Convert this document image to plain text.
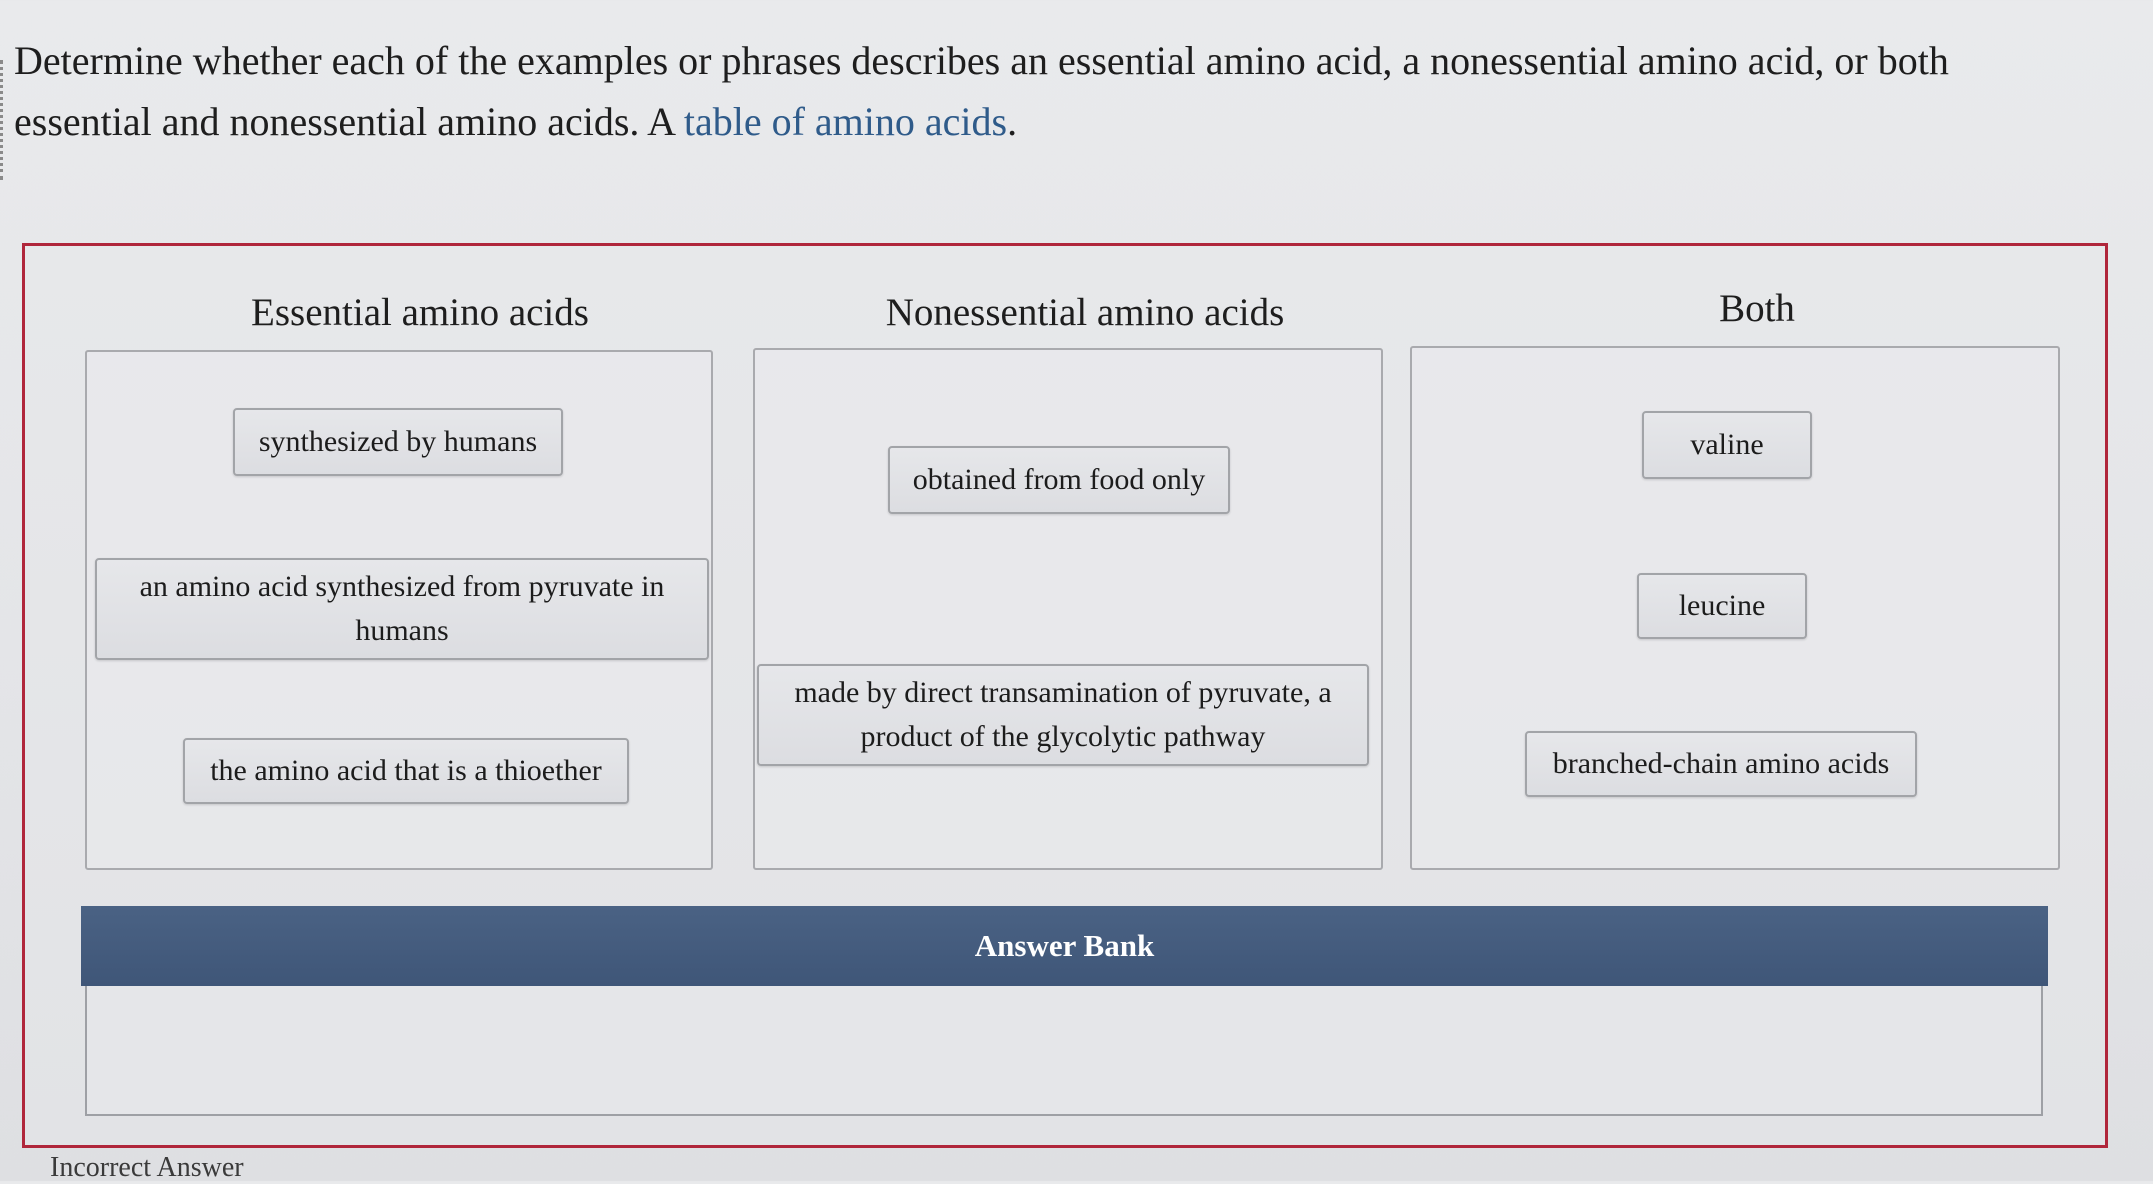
Determine whether each of the examples or phrases describes an essential amino acid, a nonessential amino acid, or both essential and nonessential amino acids. A table of amino acids.
Essential amino acids	Nonessential amino acids	Both
synthesized by humans
an amino acid synthesized from pyruvate in humans
the amino acid that is a thioether
obtained from food only
made by direct transamination of pyruvate, a product of the glycolytic pathway
valine
leucine
branched-chain amino acids
Answer Bank
Incorrect Answer
